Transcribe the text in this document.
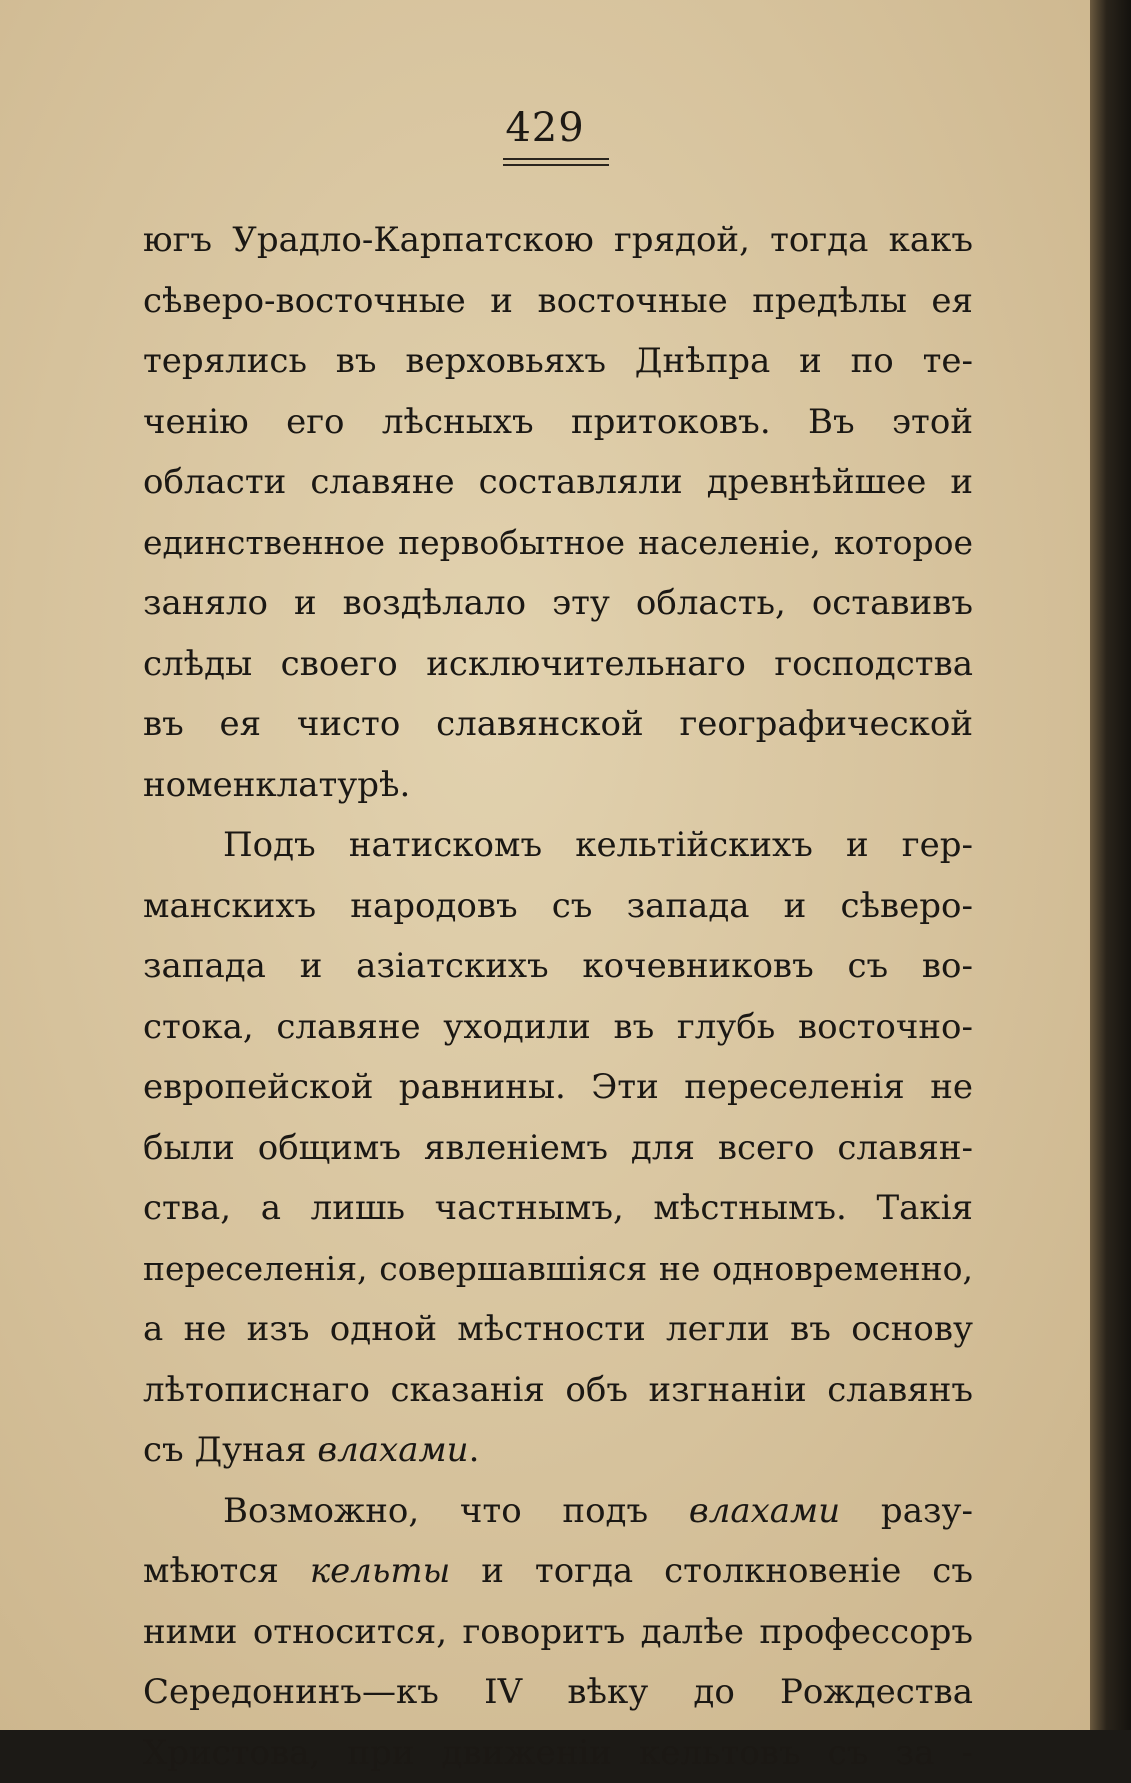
429
югъ Урадло-Карпатскою грядой, тогда какъ
сѣверо-восточные и восточные предѣлы ея
терялись въ верховьяхъ Днѣпра и по те-
ченію его лѣсныхъ притоковъ. Въ этой
области славяне составляли древнѣйшее и
единственное первобытное населеніе, которое
заняло и воздѣлало эту область, оставивъ
слѣды своего исключительнаго господства
въ ея чисто славянской географической
номенклатурѣ.
Подъ натискомъ кельтійскихъ и гер-
манскихъ народовъ съ запада и сѣверо-
запада и азіатскихъ кочевниковъ съ во-
стока, славяне уходили въ глубь восточно-
европейской равнины. Эти переселенія не
были общимъ явленіемъ для всего славян-
ства, а лишь частнымъ, мѣстнымъ. Такія
переселенія, совершавшіяся не одновременно,
а не изъ одной мѣстности легли въ основу
лѣтописнаго сказанія объ изгнаніи славянъ
съ Дуная влахами.
Возможно, что подъ влахами разу-
мѣются кельты и тогда столкновеніе съ
ними относится, говоритъ далѣе профессоръ
Середонинъ—къ IV вѣку до Рождества
Христова, при движеніи кельтовъ съ за -
